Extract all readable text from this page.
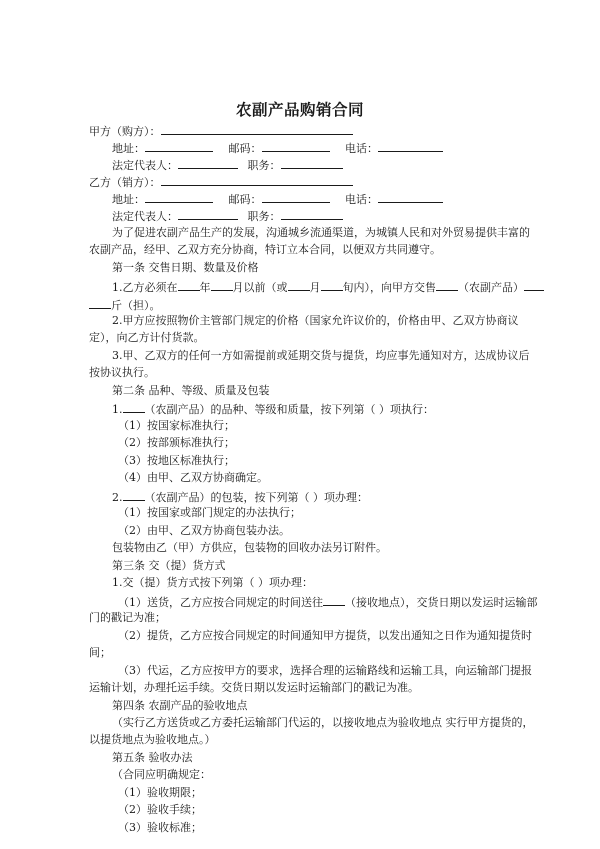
农副产品购销合同
甲方（购方）：
地址：	邮码：	电话：
法定代表人：	职务：
乙方（销方）：
地址：	邮码：	电话：
法定代表人：	职务：
为了促进农副产品生产的发展，沟通城乡流通渠道，为城镇人民和对外贸易提供丰富的
农副产品，经甲、乙双方充分协商，特订立本合同，以便双方共同遵守。
第一条 交售日期、数量及价格
1.乙方必须在 年 月以前（或 月 旬内），向甲方交售 （农副产品）
斤（担）。
2.甲方应按照物价主管部门规定的价格（国家允许议价的，价格由甲、乙双方协商议
定），向乙方计付货款。
3.甲、乙双方的任何一方如需提前或延期交货与提货，均应事先通知对方，达成协议后
按协议执行。
第二条 品种、等级、质量及包装
1. （农副产品）的品种、等级和质量，按下列第（ ）项执行：
（1）按国家标准执行；
（2）按部颁标准执行；
（3）按地区标准执行；
（4）由甲、乙双方协商确定。
2. （农副产品）的包装，按下列第（ ）项办理：
（1）按国家或部门规定的办法执行；
（2）由甲、乙双方协商包装办法。
包装物由乙（甲）方供应，包装物的回收办法另订附件。
第三条 交（提）货方式
1.交（提）货方式按下列第（ ）项办理：
（1）送货，乙方应按合同规定的时间送往 （接收地点），交货日期以发运时运输部
门的戳记为准；
（2）提货，乙方应按合同规定的时间通知甲方提货，以发出通知之日作为通知提货时
间；
（3）代运，乙方应按甲方的要求，选择合理的运输路线和运输工具，向运输部门提报
运输计划，办理托运手续。交货日期以发运时运输部门的戳记为准。
第四条 农副产品的验收地点
（实行乙方送货或乙方委托运输部门代运的，以接收地点为验收地点 实行甲方提货的，
以提货地点为验收地点。）
第五条 验收办法
（合同应明确规定：
（1）验收期限；
（2）验收手续；
（3）验收标准；
